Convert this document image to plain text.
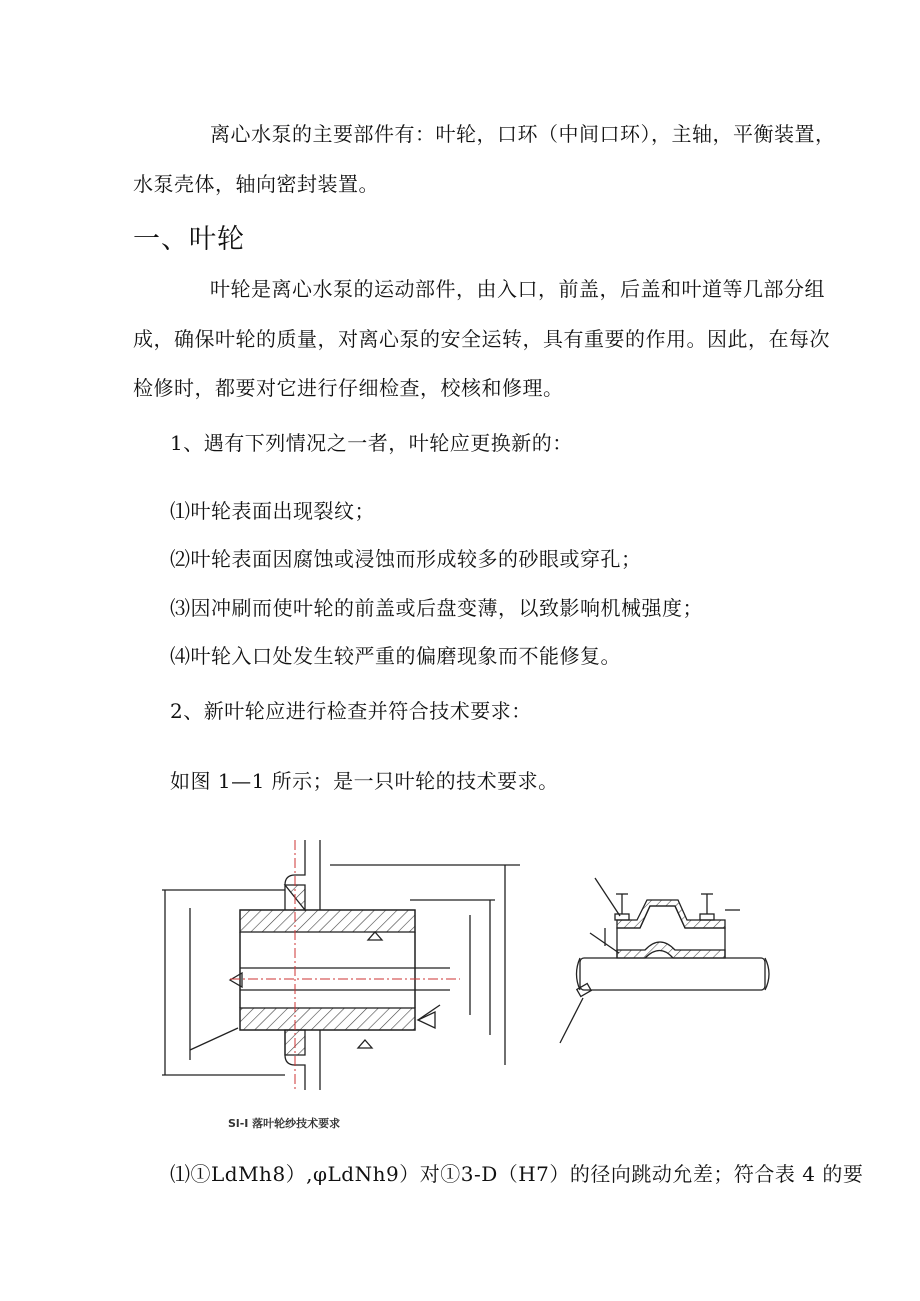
离心水泵的主要部件有：叶轮，口环（中间口环），主轴，平衡装置，
水泵壳体，轴向密封装置。
一、叶轮
叶轮是离心水泵的运动部件，由入口，前盖，后盖和叶道等几部分组
成，确保叶轮的质量，对离心泵的安全运转，具有重要的作用。因此，在每次
检修时，都要对它进行仔细检查，校核和修理。
1、遇有下列情况之一者，叶轮应更换新的：
⑴叶轮表面出现裂纹；
⑵叶轮表面因腐蚀或浸蚀而形成较多的砂眼或穿孔；
⑶因冲刷而使叶轮的前盖或后盘变薄，以致影响机械强度；
⑷叶轮入口处发生较严重的偏磨现象而不能修复。
2、新叶轮应进行检查并符合技术要求：
如图 1—1 所示；是一只叶轮的技术要求。
Sl-I 落叶轮纱技术要求
⑴①LdMh8）,φLdNh9）对①3-D（H7）的径向跳动允差；符合表 4 的要
